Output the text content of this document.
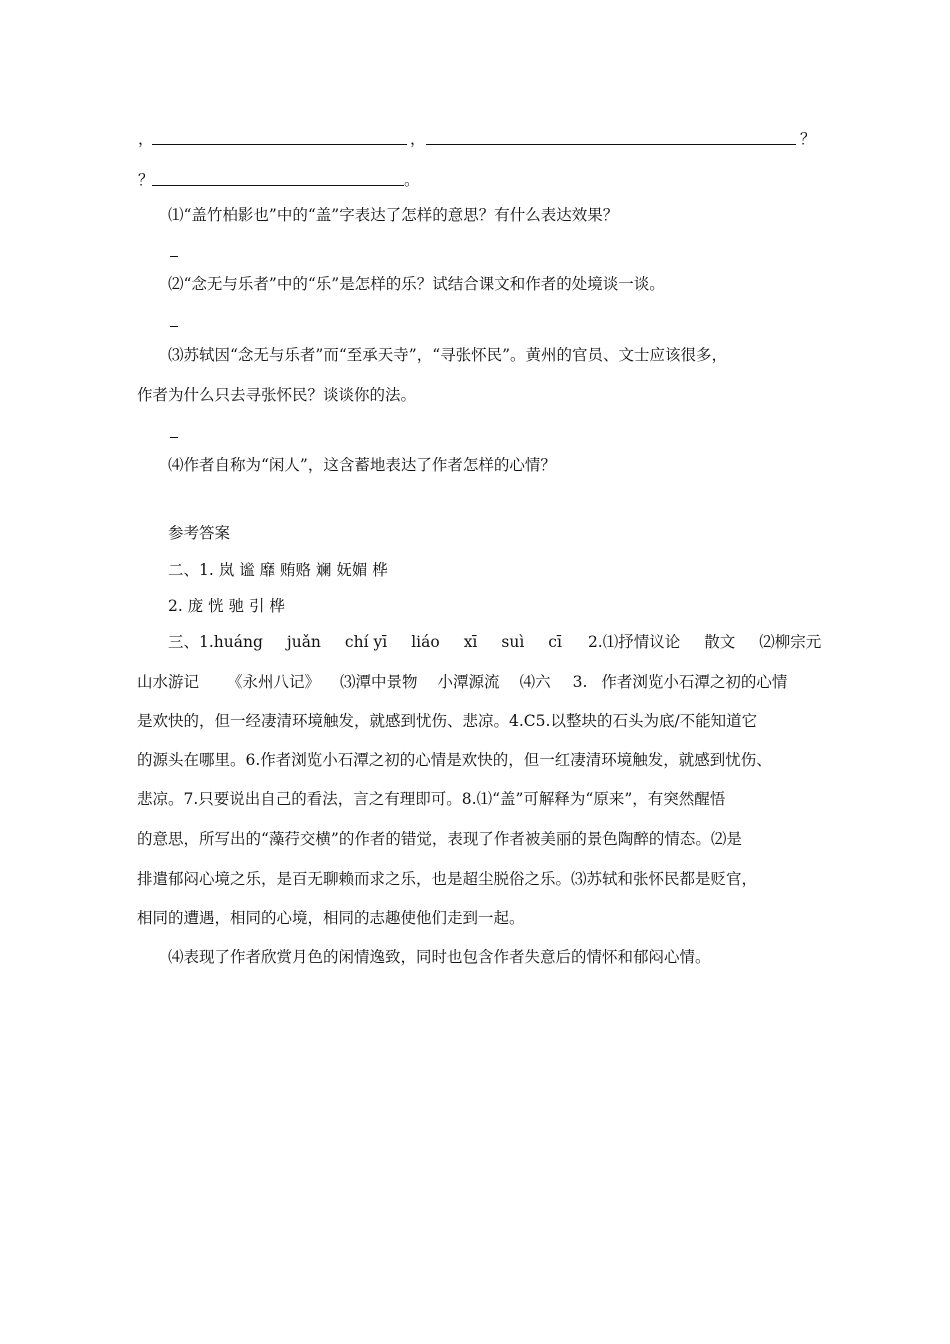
，	，	？
？	。
⑴“盖竹柏影也”中的“盖”字表达了怎样的意思？有什么表达效果？
⑵“念无与乐者”中的“乐”是怎样的乐？试结合课文和作者的处境谈一谈。
⑶苏轼因“念无与乐者”而“至承天寺”，“寻张怀民”。黄州的官员、文士应该很多，
作者为什么只去寻张怀民？谈谈你的法。
⑷作者自称为“闲人”，这含蓄地表达了作者怎样的心情？
参考答案
二、1. 岚 谧 靡 贿赂 斓 妩媚 桦
2. 庞 恍 驰 引 桦
三、1.huáng juǎn chí yī liáo xī suì cī 2.⑴抒情议论 散文 ⑵柳宗元
山水游记 《永州八记》 ⑶潭中景物 小潭源流 ⑷六 3. 作者浏览小石潭之初的心情
是欢快的，但一经凄清环境触发，就感到忧伤、悲凉。4.C5.以整块的石头为底/不能知道它
的源头在哪里。6.作者浏览小石潭之初的心情是欢快的，但一红凄清环境触发，就感到忧伤、
悲凉。7.只要说出自己的看法，言之有理即可。8.⑴“盖”可解释为“原来”，有突然醒悟
的意思，所写出的“藻荇交横”的作者的错觉，表现了作者被美丽的景色陶醉的情态。⑵是
排遣郁闷心境之乐，是百无聊赖而求之乐，也是超尘脱俗之乐。⑶苏轼和张怀民都是贬官，
相同的遭遇，相同的心境，相同的志趣使他们走到一起。
⑷表现了作者欣赏月色的闲情逸致，同时也包含作者失意后的情怀和郁闷心情。
